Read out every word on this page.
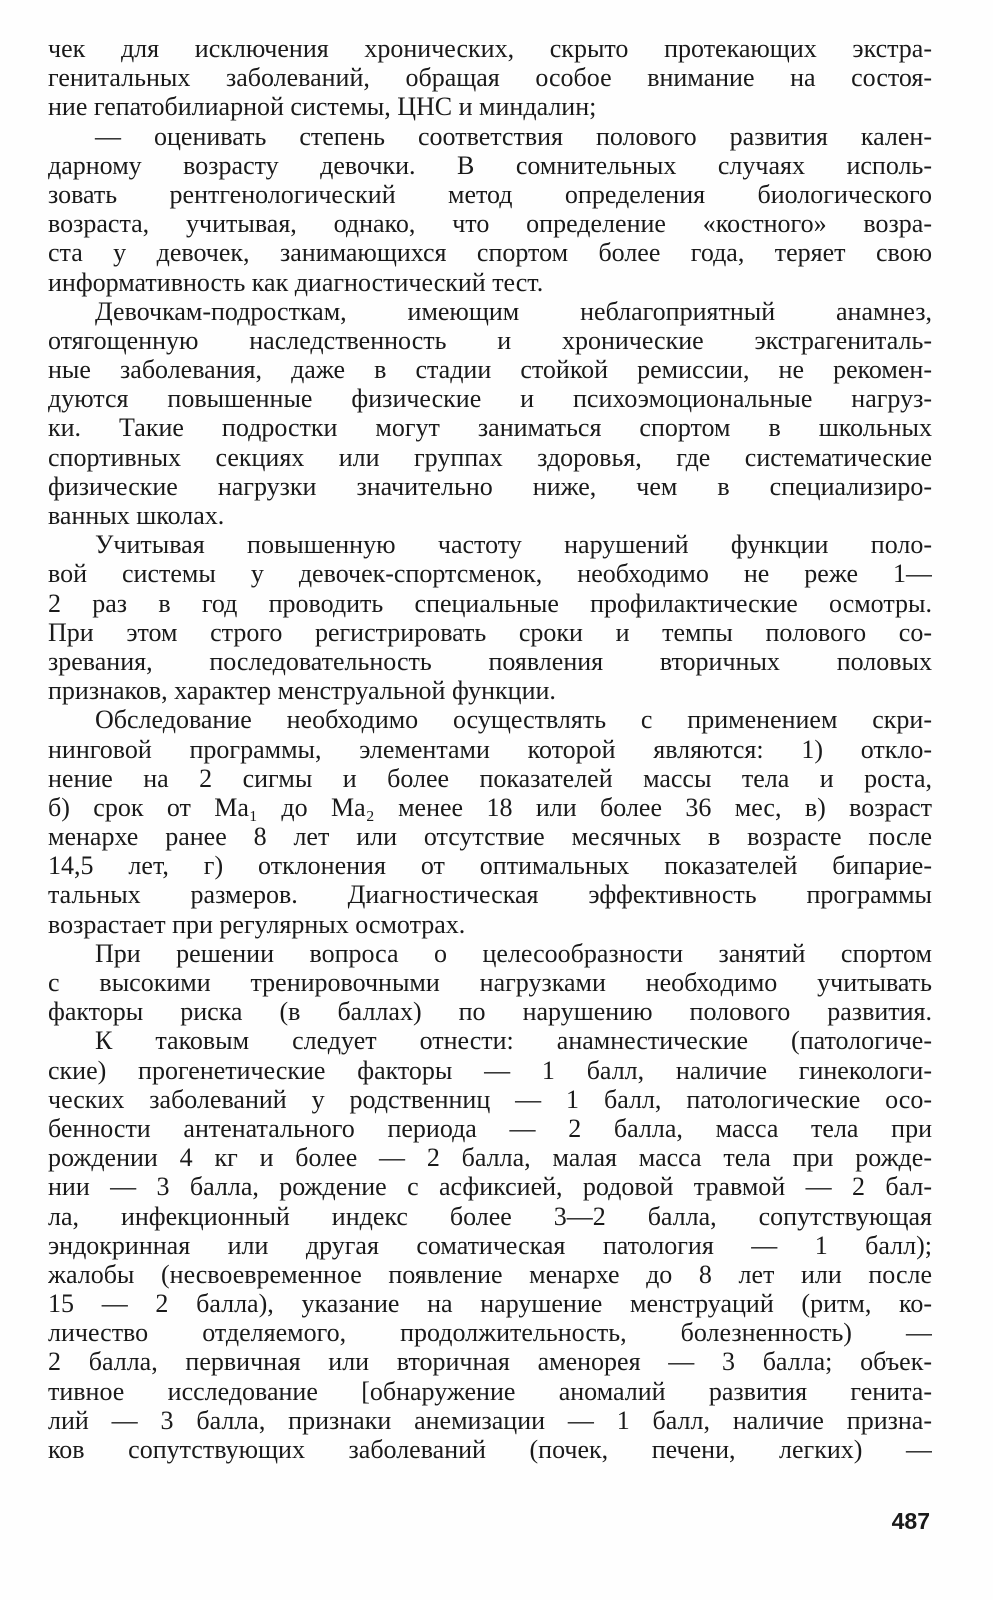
чек для исключения хронических, скрыто протекающих экстра-
генитальных заболеваний, обращая особое внимание на состоя-
ние гепатобилиарной системы, ЦНС и миндалин;
— оценивать степень соответствия полового развития кален-
дарному возрасту девочки. В сомнительных случаях исполь-
зовать рентгенологический метод определения биологического
возраста, учитывая, однако, что определение «костного» возра-
ста у девочек, занимающихся спортом более года, теряет свою
информативность как диагностический тест.
Девочкам-подросткам, имеющим неблагоприятный анамнез,
отягощенную наследственность и хронические экстрагениталь-
ные заболевания, даже в стадии стойкой ремиссии, не рекомен-
дуются повышенные физические и психоэмоциональные нагруз-
ки. Такие подростки могут заниматься спортом в школьных
спортивных секциях или группах здоровья, где систематические
физические нагрузки значительно ниже, чем в специализиро-
ванных школах.
Учитывая повышенную частоту нарушений функции поло-
вой системы у девочек-спортсменок, необходимо не реже 1—
2 раз в год проводить специальные профилактические осмотры.
При этом строго регистрировать сроки и темпы полового со-
зревания, последовательность появления вторичных половых
признаков, характер менструальной функции.
Обследование необходимо осуществлять с применением скри-
нинговой программы, элементами которой являются: 1) откло-
нение на 2 сигмы и более показателей массы тела и роста,
б) срок от Ma₁ до Ma₂ менее 18 или более 36 мес, в) возраст
менархе ранее 8 лет или отсутствие месячных в возрасте после
14,5 лет, г) отклонения от оптимальных показателей бипарие-
тальных размеров. Диагностическая эффективность программы
возрастает при регулярных осмотрах.
При решении вопроса о целесообразности занятий спортом
с высокими тренировочными нагрузками необходимо учитывать
факторы риска (в баллах) по нарушению полового развития.
К таковым следует отнести: анамнестические (патологиче-
ские) прогенетические факторы — 1 балл, наличие гинекологи-
ческих заболеваний у родственниц — 1 балл, патологические осо-
бенности антенатального периода — 2 балла, масса тела при
рождении 4 кг и более — 2 балла, малая масса тела при рожде-
нии — 3 балла, рождение с асфиксией, родовой травмой — 2 бал-
ла, инфекционный индекс более 3—2 балла, сопутствующая
эндокринная или другая соматическая патология — 1 балл);
жалобы (несвоевременное появление менархе до 8 лет или после
15 — 2 балла), указание на нарушение менструаций (ритм, ко-
личество отделяемого, продолжительность, болезненность) —
2 балла, первичная или вторичная аменорея — 3 балла; объек-
тивное исследование [обнаружение аномалий развития генита-
лий — 3 балла, признаки анемизации — 1 балл, наличие призна-
ков сопутствующих заболеваний (почек, печени, легких) —
487
